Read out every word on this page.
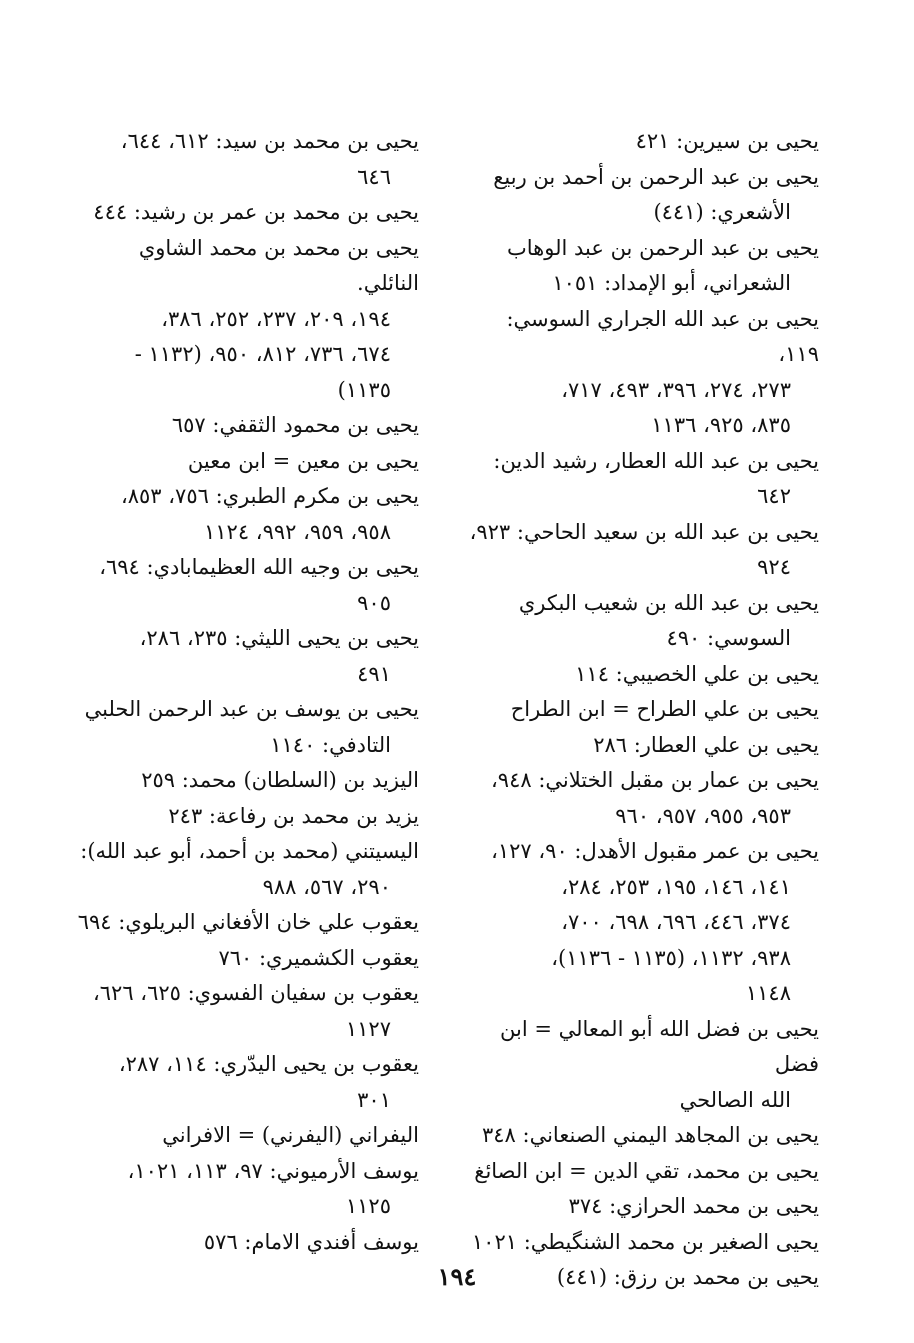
يحيى بن سيرين: ٤٢١
يحيى بن عبد الرحمن بن أحمد بن ربيع
الأشعري: (٤٤١)
يحيى بن عبد الرحمن بن عبد الوهاب
الشعراني، أبو الإمداد: ١٠٥١
يحيى بن عبد الله الجراري السوسي: ١١٩،
٢٧٣، ٢٧٤، ٣٩٦، ٤٩٣، ٧١٧،
٨٣٥، ٩٢٥، ١١٣٦
يحيى بن عبد الله العطار، رشيد الدين:
٦٤٢
يحيى بن عبد الله بن سعيد الحاحي: ٩٢٣،
٩٢٤
يحيى بن عبد الله بن شعيب البكري
السوسي: ٤٩٠
يحيى بن علي الخصيبي: ١١٤
يحيى بن علي الطراح = ابن الطراح
يحيى بن علي العطار: ٢٨٦
يحيى بن عمار بن مقبل الختلاني: ٩٤٨،
٩٥٣، ٩٥٥، ٩٥٧، ٩٦٠
يحيى بن عمر مقبول الأهدل: ٩٠، ١٢٧،
١٤١، ١٤٦، ١٩٥، ٢٥٣، ٢٨٤،
٣٧٤، ٤٤٦، ٦٩٦، ٦٩٨، ٧٠٠،
٩٣٨، ١١٣٢، (١١٣٥ - ١١٣٦)،
١١٤٨
يحيى بن فضل الله أبو المعالي = ابن فضل
الله الصالحي
يحيى بن المجاهد اليمني الصنعاني: ٣٤٨
يحيى بن محمد، تقي الدين = ابن الصائغ
يحيى بن محمد الحرازي: ٣٧٤
يحيى الصغير بن محمد الشنگيطي: ١٠٢١
يحيى بن محمد بن رزق: (٤٤١)
يحيى بن محمد بن سيد: ٦١٢، ٦٤٤،
٦٤٦
يحيى بن محمد بن عمر بن رشيد: ٤٤٤
يحيى بن محمد بن محمد الشاوي النائلي.
١٩٤، ٢٠٩، ٢٣٧، ٢٥٢، ٣٨٦،
٦٧٤، ٧٣٦، ٨١٢، ٩٥٠، (١١٣٢ -
١١٣٥)
يحيى بن محمود الثقفي: ٦٥٧
يحيى بن معين = ابن معين
يحيى بن مكرم الطبري: ٧٥٦، ٨٥٣،
٩٥٨، ٩٥٩، ٩٩٢، ١١٢٤
يحيى بن وجيه الله العظيمابادي: ٦٩٤،
٩٠٥
يحيى بن يحيى الليثي: ٢٣٥، ٢٨٦،
٤٩١
يحيى بن يوسف بن عبد الرحمن الحلبي
التادفي: ١١٤٠
اليزيد بن (السلطان) محمد: ٢٥٩
يزيد بن محمد بن رفاعة: ٢٤٣
اليسيتني (محمد بن أحمد، أبو عبد الله):
٢٩٠، ٥٦٧، ٩٨٨
يعقوب علي خان الأفغاني البريلوي: ٦٩٤
يعقوب الكشميري: ٧٦٠
يعقوب بن سفيان الفسوي: ٦٢٥، ٦٢٦،
١١٢٧
يعقوب بن يحيى اليدّري: ١١٤، ٢٨٧،
٣٠١
اليفراني (اليفرني) = الافراني
يوسف الأرميوني: ٩٧، ١١٣، ١٠٢١،
١١٢٥
يوسف أفندي الامام: ٥٧٦
١٩٤
